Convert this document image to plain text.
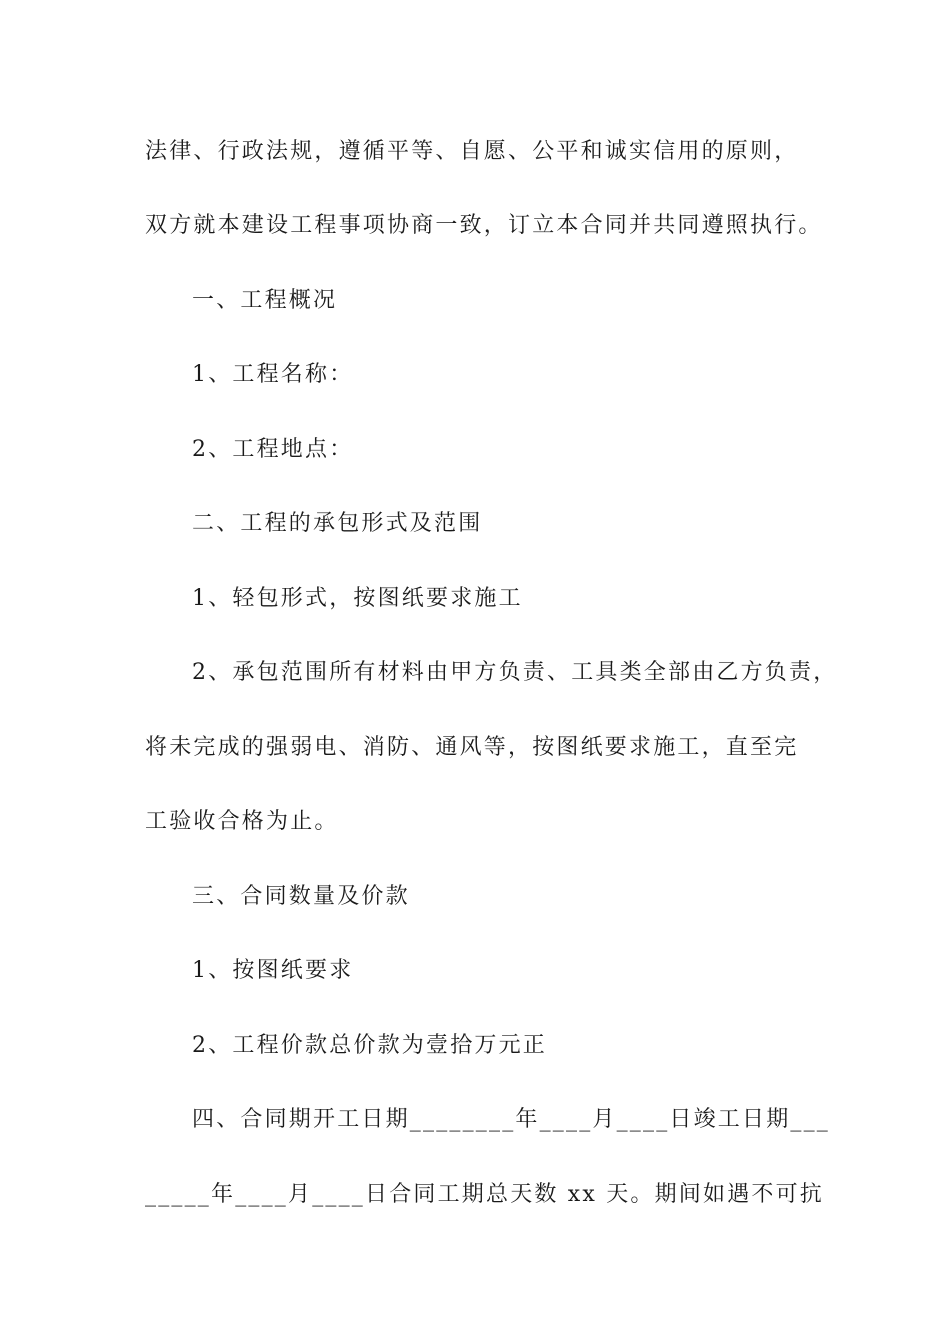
法律、行政法规，遵循平等、自愿、公平和诚实信用的原则，
双方就本建设工程事项协商一致，订立本合同并共同遵照执行。
一、工程概况
1、工程名称：
2、工程地点：
二、工程的承包形式及范围
1、轻包形式，按图纸要求施工
2、承包范围所有材料由甲方负责、工具类全部由乙方负责，
将未完成的强弱电、消防、通风等，按图纸要求施工，直至完
工验收合格为止。
三、合同数量及价款
1、按图纸要求
2、工程价款总价款为壹拾万元正
四、合同期开工日期________年____月____日竣工日期___
_____年____月____日合同工期总天数 xx 天。期间如遇不可抗
